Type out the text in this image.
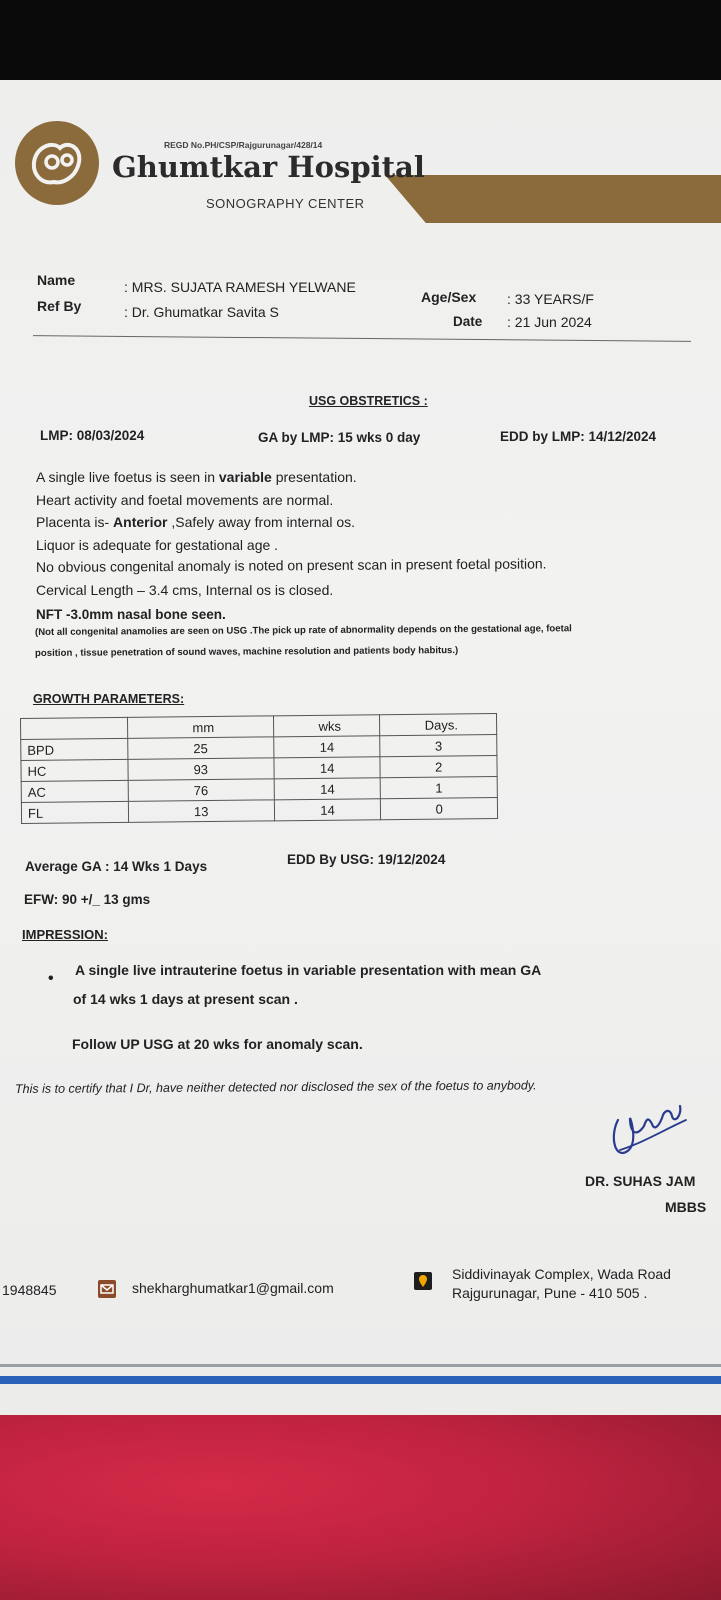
REGD No.PH/CSP/Rajgurunagar/428/14
Ghumtkar Hospital
SONOGRAPHY CENTER
Name	: MRS. SUJATA RAMESH YELWANE
Ref By	: Dr. Ghumatkar Savita S
Age/Sex : 33 YEARS/F
Date : 21 Jun 2024
USG OBSTRETICS :
LMP: 08/03/2024	GA by LMP: 15 wks 0 day	EDD by LMP: 14/12/2024
A single live foetus is seen in variable presentation.
Heart activity and foetal movements are normal.
Placenta is- Anterior ,Safely away from internal os.
Liquor is adequate for gestational age .
No obvious congenital anomaly is noted on present scan in present foetal position.
Cervical Length – 3.4 cms, Internal os is closed.
NFT -3.0mm nasal bone seen.
(Not all congenital anamolies are seen on USG .The pick up rate of abnormality depends on the gestational age, foetal
position , tissue penetration of sound waves, machine resolution and patients body habitus.)
GROWTH PARAMETERS:
	mm	wks	Days.
BPD	25	14	3
HC	93	14	2
AC	76	14	1
FL	13	14	0
Average GA : 14 Wks 1 Days	EDD By USG: 19/12/2024
EFW: 90 +/_ 13 gms
IMPRESSION:
• A single live intrauterine foetus in variable presentation with mean GA
of 14 wks 1 days at present scan .
Follow UP USG at 20 wks for anomaly scan.
This is to certify that I Dr, have neither detected nor disclosed the sex of the foetus to anybody.
DR. SUHAS JAM
MBBS
1948845	shekharghumatkar1@gmail.com
Siddivinayak Complex, Wada Road
Rajgurunagar, Pune - 410 505 .
